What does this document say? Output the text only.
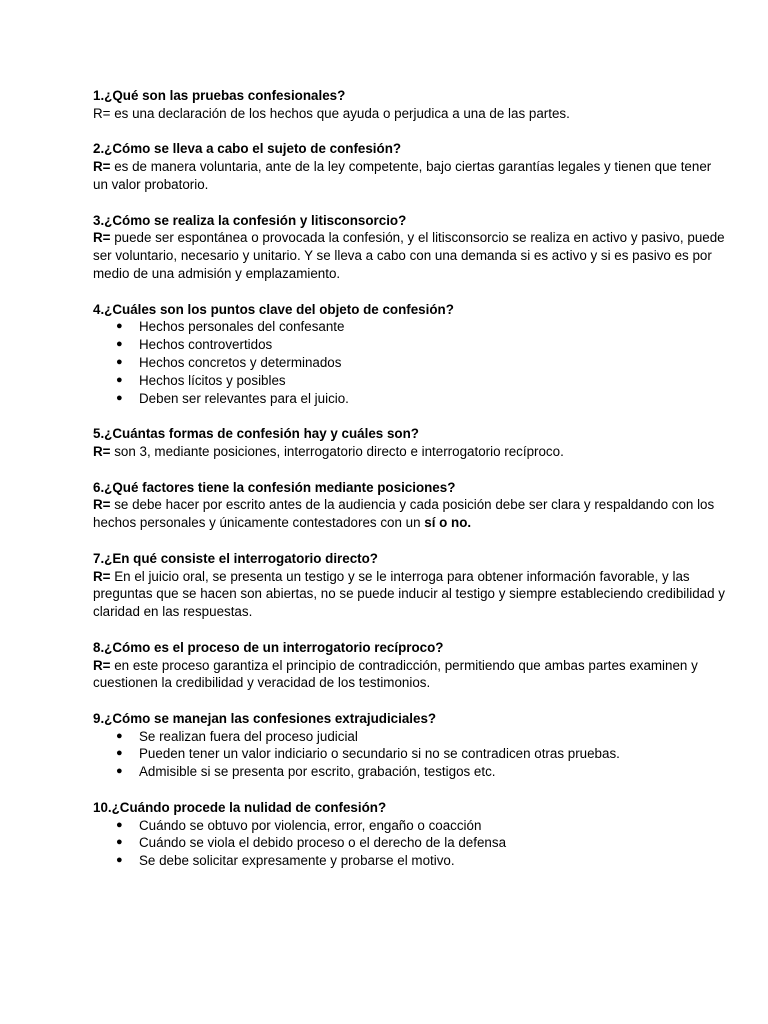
1.¿Qué son las pruebas confesionales?

R= es una declaración de los hechos que ayuda o perjudica a una de las partes.

2.¿Cómo se lleva a cabo el sujeto de confesión?

R= es de manera voluntaria, ante de la ley competente, bajo ciertas garantías legales y tienen que tener un valor probatorio.

3.¿Cómo se realiza la confesión y litisconsorcio?

R= puede ser espontánea o provocada la confesión, y el litisconsorcio se realiza en activo y pasivo, puede ser voluntario, necesario y unitario. Y se lleva a cabo con una demanda si es activo y si es pasivo es por medio de una admisión y emplazamiento.

4.¿Cuáles son los puntos clave del objeto de confesión?

● Hechos personales del confesante
● Hechos controvertidos
● Hechos concretos y determinados
● Hechos lícitos y posibles
● Deben ser relevantes para el juicio.

5.¿Cuántas formas de confesión hay y cuáles son?

R= son 3, mediante posiciones, interrogatorio directo e interrogatorio recíproco.

6.¿Qué factores tiene la confesión mediante posiciones?

R= se debe hacer por escrito antes de la audiencia y cada posición debe ser clara y respaldando con los hechos personales y únicamente contestadores con un sí o no.

7.¿En qué consiste el interrogatorio directo?

R= En el juicio oral, se presenta un testigo y se le interroga para obtener información favorable, y las preguntas que se hacen son abiertas, no se puede inducir al testigo y siempre estableciendo credibilidad y claridad en las respuestas.

8.¿Cómo es el proceso de un interrogatorio recíproco?

R= en este proceso garantiza el principio de contradicción, permitiendo que ambas partes examinen y cuestionen la credibilidad y veracidad de los testimonios.

9.¿Cómo se manejan las confesiones extrajudiciales?

● Se realizan fuera del proceso judicial
● Pueden tener un valor indiciario o secundario si no se contradicen otras pruebas.
● Admisible si se presenta por escrito, grabación, testigos etc.

10.¿Cuándo procede la nulidad de confesión?

● Cuándo se obtuvo por violencia, error, engaño o coacción
● Cuándo se viola el debido proceso o el derecho de la defensa
● Se debe solicitar expresamente y probarse el motivo.
